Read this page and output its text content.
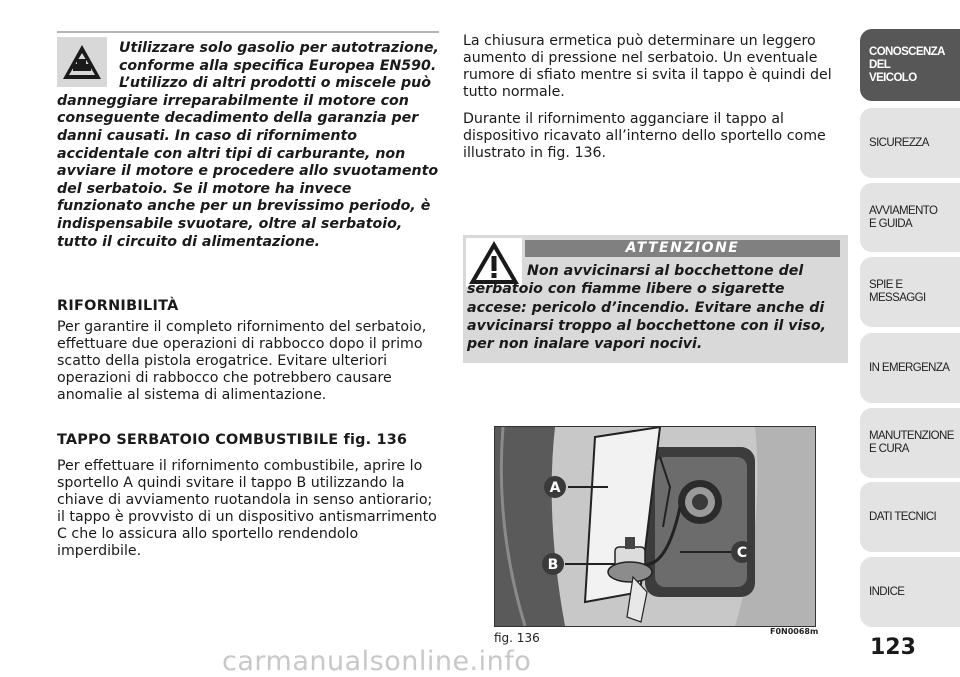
Utilizzare solo gasolio per autotrazione,

conforme alla specifica Europea EN590.

L’utilizzo di altri prodotti o miscele può

danneggiare irreparabilmente il motore con conseguente decadimento della garanzia per danni causati. In caso di rifornimento accidentale con altri tipi di carburante, non avviare il motore e procedere allo svuotamento del serbatoio. Se il motore ha invece funzionato anche per un brevissimo periodo, è indispensabile svuotare, oltre al serbatoio, tutto il circuito di alimentazione.

RIFORNIBILITÀ

Per garantire il completo rifornimento del serbatoio, effettuare due operazioni di rabbocco dopo il primo scatto della pistola erogatrice. Evitare ulteriori operazioni di rabbocco che potrebbero causare anomalie al sistema di alimentazione.

TAPPO SERBATOIO COMBUSTIBILE fig. 136

Per effettuare il rifornimento combustibile, aprire lo sportello A quindi svitare il tappo B utilizzando la chiave di avviamento ruotandola in senso antiorario; il tappo è provvisto di un dispositivo antismarrimento C che lo assicura allo sportello rendendolo imperdibile.

La chiusura ermetica può determinare un leggero aumento di pressione nel serbatoio. Un eventuale rumore di sfiato mentre si svita il tappo è quindi del tutto normale.

Durante il rifornimento agganciare il tappo al dispositivo ricavato all’interno dello sportello come illustrato in fig. 136.

ATTENZIONE

Non avvicinarsi al bocchettone del

serbatoio con fiamme libere o sigarette accese: pericolo d’incendio. Evitare anche di avvicinarsi troppo al bocchettone con il viso, per non inalare vapori nocivi.

A
B
C
fig. 136	F0N0068m
CONOSCENZA
DEL
VEICOLO
SICUREZZA
AVVIAMENTO
E GUIDA
SPIE E
MESSAGGI
IN EMERGENZA
MANUTENZIONE
E CURA
DATI TECNICI
INDICE
123
carmanualsonline.info
